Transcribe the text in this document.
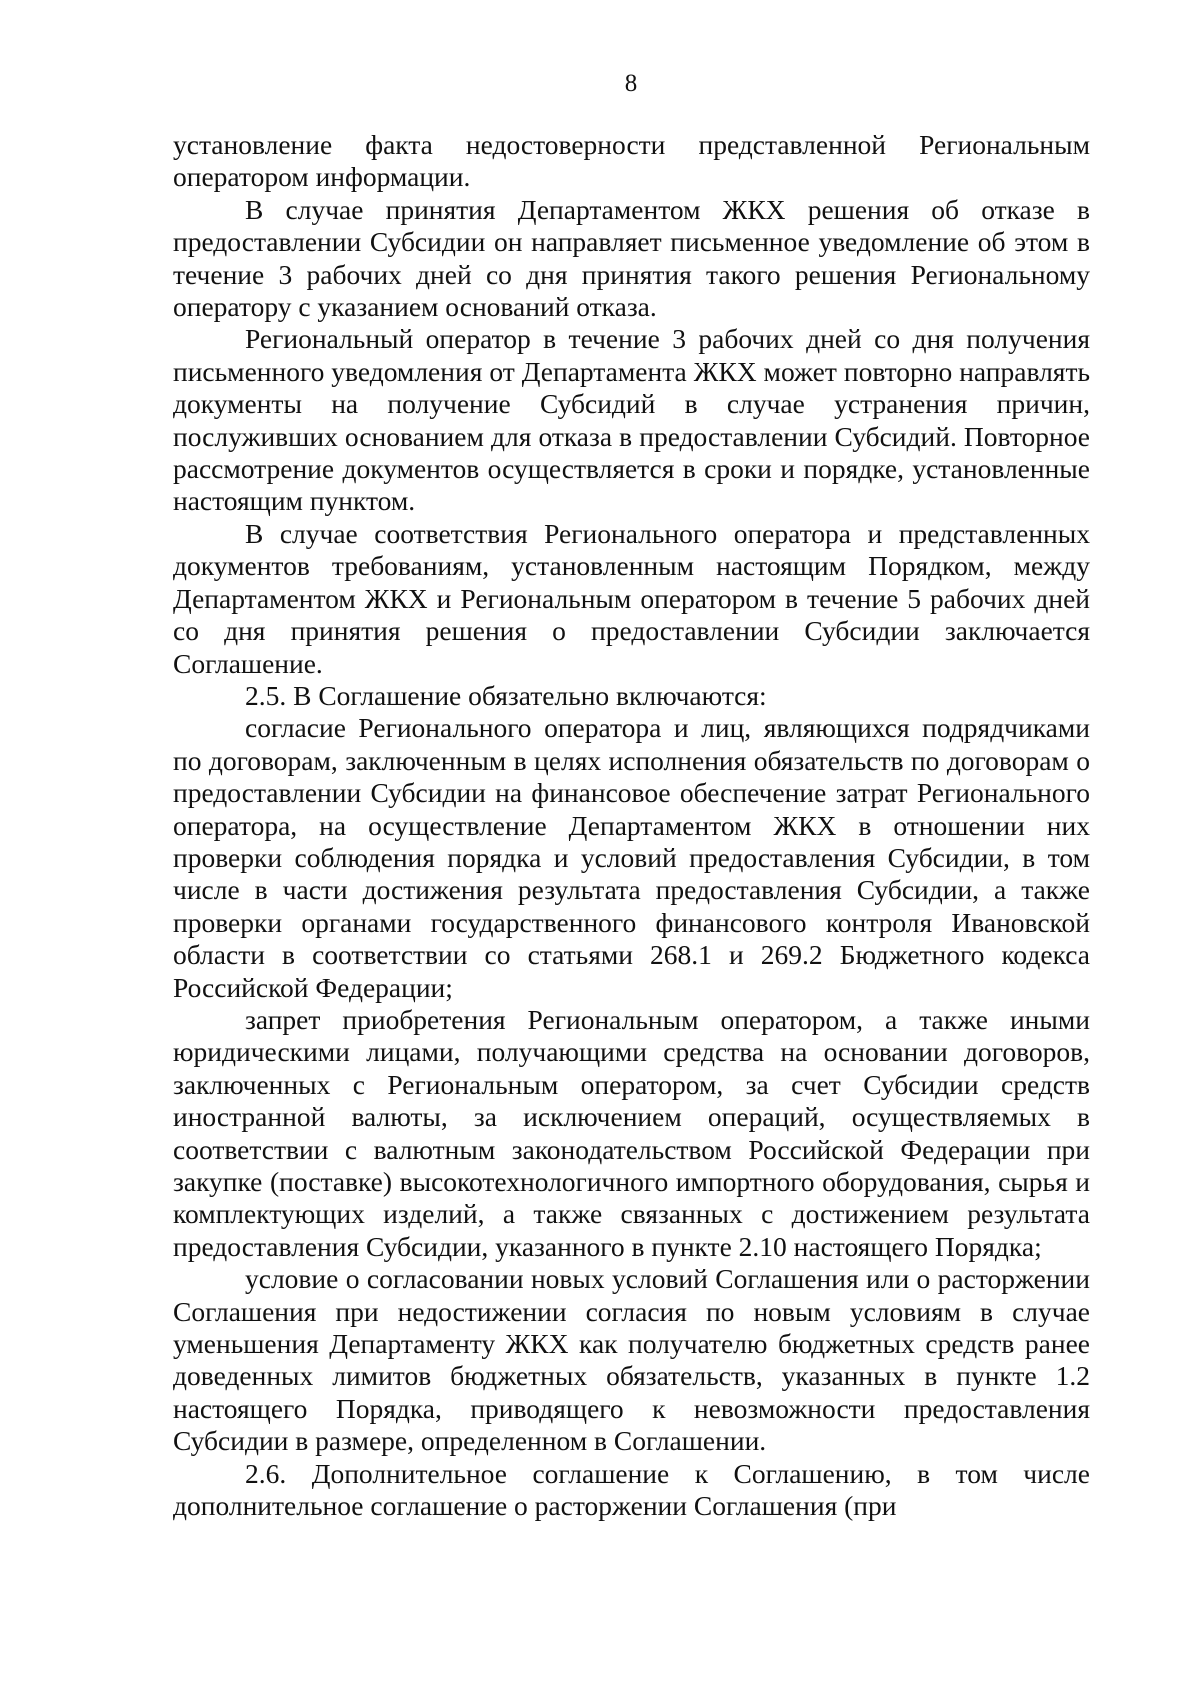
8

установление факта недостоверности представленной Региональным оператором информации.

В случае принятия Департаментом ЖКХ решения об отказе в предоставлении Субсидии он направляет письменное уведомление об этом в течение 3 рабочих дней со дня принятия такого решения Региональному оператору с указанием оснований отказа.

Региональный оператор в течение 3 рабочих дней со дня получения письменного уведомления от Департамента ЖКХ может повторно направлять документы на получение Субсидий в случае устранения причин, послуживших основанием для отказа в предоставлении Субсидий. Повторное рассмотрение документов осуществляется в сроки и порядке, установленные настоящим пунктом.

В случае соответствия Регионального оператора и представленных документов требованиям, установленным настоящим Порядком, между Департаментом ЖКХ и Региональным оператором в течение 5 рабочих дней со дня принятия решения о предоставлении Субсидии заключается Соглашение.

2.5. В Соглашение обязательно включаются:

согласие Регионального оператора и лиц, являющихся подрядчиками по договорам, заключенным в целях исполнения обязательств по договорам о предоставлении Субсидии на финансовое обеспечение затрат Регионального оператора, на осуществление Департаментом ЖКХ в отношении них проверки соблюдения порядка и условий предоставления Субсидии, в том числе в части достижения результата предоставления Субсидии, а также проверки органами государственного финансового контроля Ивановской области в соответствии со статьями 268.1 и 269.2 Бюджетного кодекса Российской Федерации;

запрет приобретения Региональным оператором, а также иными юридическими лицами, получающими средства на основании договоров, заключенных с Региональным оператором, за счет Субсидии средств иностранной валюты, за исключением операций, осуществляемых в соответствии с валютным законодательством Российской Федерации при закупке (поставке) высокотехнологичного импортного оборудования, сырья и комплектующих изделий, а также связанных с достижением результата предоставления Субсидии, указанного в пункте 2.10 настоящего Порядка;

условие о согласовании новых условий Соглашения или о расторжении Соглашения при недостижении согласия по новым условиям в случае уменьшения Департаменту ЖКХ как получателю бюджетных средств ранее доведенных лимитов бюджетных обязательств, указанных в пункте 1.2 настоящего Порядка, приводящего к невозможности предоставления Субсидии в размере, определенном в Соглашении.

2.6. Дополнительное соглашение к Соглашению, в том числе дополнительное соглашение о расторжении Соглашения (при
